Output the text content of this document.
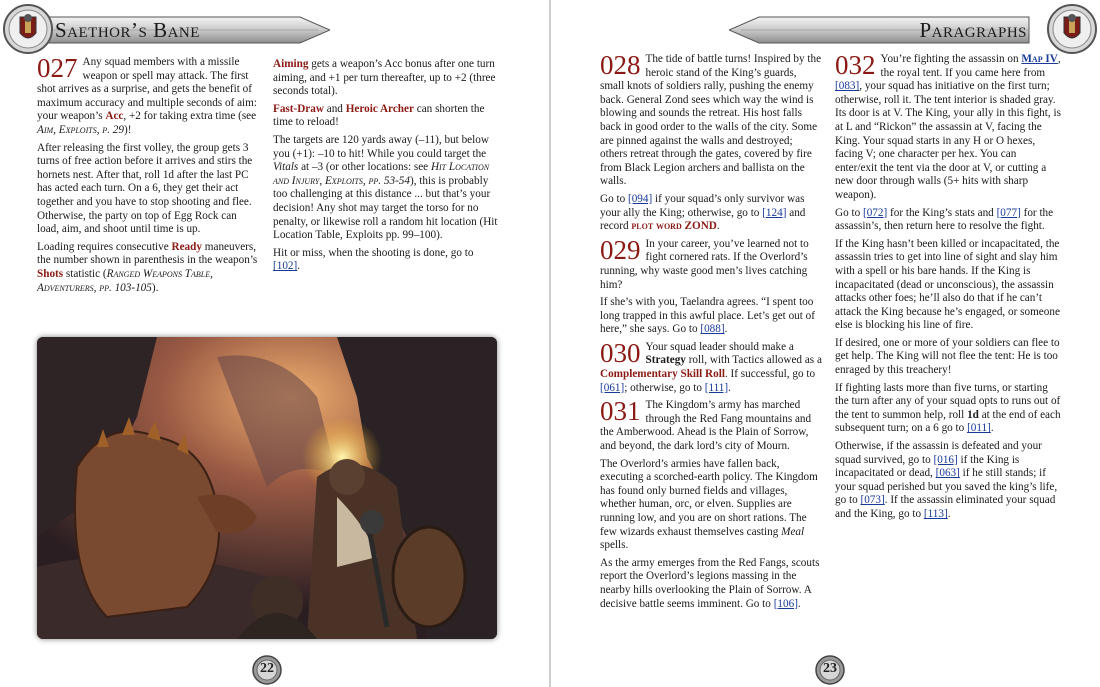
Saethor’s Bane

027 Any squad members with a missile weapon or spell may attack. The first shot arrives as a surprise, and gets the benefit of maximum accuracy and multiple seconds of aim: your weapon’s Acc, +2 for taking extra time (see Aim, Exploits, p. 29)!

After releasing the first volley, the group gets 3 turns of free action before it arrives and stirs the hornets nest. After that, roll 1d after the last PC has acted each turn. On a 6, they get their act together and you have to stop shooting and flee. Otherwise, the party on top of Egg Rock can load, aim, and shoot until time is up.

Loading requires consecutive Ready maneuvers, the number shown in parenthesis in the weapon’s Shots statistic (Ranged Weapons Table, Adventurers, pp. 103-105).

Aiming gets a weapon’s Acc bonus after one turn aiming, and +1 per turn thereafter, up to +2 (three seconds total).

Fast-Draw and Heroic Archer can shorten the time to reload!

The targets are 120 yards away (–11), but below you (+1): –10 to hit! While you could target the Vitals at –3 (or other locations: see Hit Location and Injury, Exploits, pp. 53-54), this is probably too challenging at this distance ... but that’s your decision! Any shot may target the torso for no penalty, or likewise roll a random hit location (Hit Location Table, Exploits pp. 99–100).

Hit or miss, when the shooting is done, go to [102].

22
Paragraphs

028 The tide of battle turns! Inspired by the heroic stand of the King’s guards, small knots of soldiers rally, pushing the enemy back. General Zond sees which way the wind is blowing and sounds the retreat. His host falls back in good order to the walls of the city. Some are pinned against the walls and destroyed; others retreat through the gates, covered by fire from Black Legion archers and ballista on the walls.

Go to [094] if your squad’s only survivor was your ally the King; otherwise, go to [124] and record plot word ZOND.

029 In your career, you’ve learned not to fight cornered rats. If the Overlord’s running, why waste good men’s lives catching him?

If she’s with you, Taelandra agrees. “I spent too long trapped in this awful place. Let’s get out of here,” she says. Go to [088].

030 Your squad leader should make a Strategy roll, with Tactics allowed as a Complementary Skill Roll. If successful, go to [061]; otherwise, go to [111].

031 The Kingdom’s army has marched through the Red Fang mountains and the Amberwood. Ahead is the Plain of Sorrow, and beyond, the dark lord’s city of Mourn.

The Overlord’s armies have fallen back, executing a scorched-earth policy. The Kingdom has found only burned fields and villages, whether human, orc, or elven. Supplies are running low, and you are on short rations. The few wizards exhaust themselves casting Meal spells.

As the army emerges from the Red Fangs, scouts report the Overlord’s legions massing in the nearby hills overlooking the Plain of Sorrow. A decisive battle seems imminent. Go to [106].

032 You’re fighting the assassin on Map IV, the royal tent. If you came here from [083], your squad has initiative on the first turn; otherwise, roll it. The tent interior is shaded gray. Its door is at V. The King, your ally in this fight, is at L and “Rickon” the assassin at V, facing the King. Your squad starts in any H or O hexes, facing V; one character per hex. You can enter/exit the tent via the door at V, or cutting a new door through walls (5+ hits with sharp weapon).

Go to [072] for the King’s stats and [077] for the assassin’s, then return here to resolve the fight.

If the King hasn’t been killed or incapacitated, the assassin tries to get into line of sight and slay him with a spell or his bare hands. If the King is incapacitated (dead or unconscious), the assassin attacks other foes; he’ll also do that if he can’t attack the King because he’s engaged, or someone else is blocking his line of fire.

If desired, one or more of your soldiers can flee to get help. The King will not flee the tent: He is too enraged by this treachery!

If fighting lasts more than five turns, or starting the turn after any of your squad opts to runs out of the tent to summon help, roll 1d at the end of each subsequent turn; on a 6 go to [011].

Otherwise, if the assassin is defeated and your squad survived, go to [016] if the King is incapacitated or dead, [063] if he still stands; if your squad perished but you saved the king’s life, go to [073]. If the assassin eliminated your squad and the King, go to [113].

23
